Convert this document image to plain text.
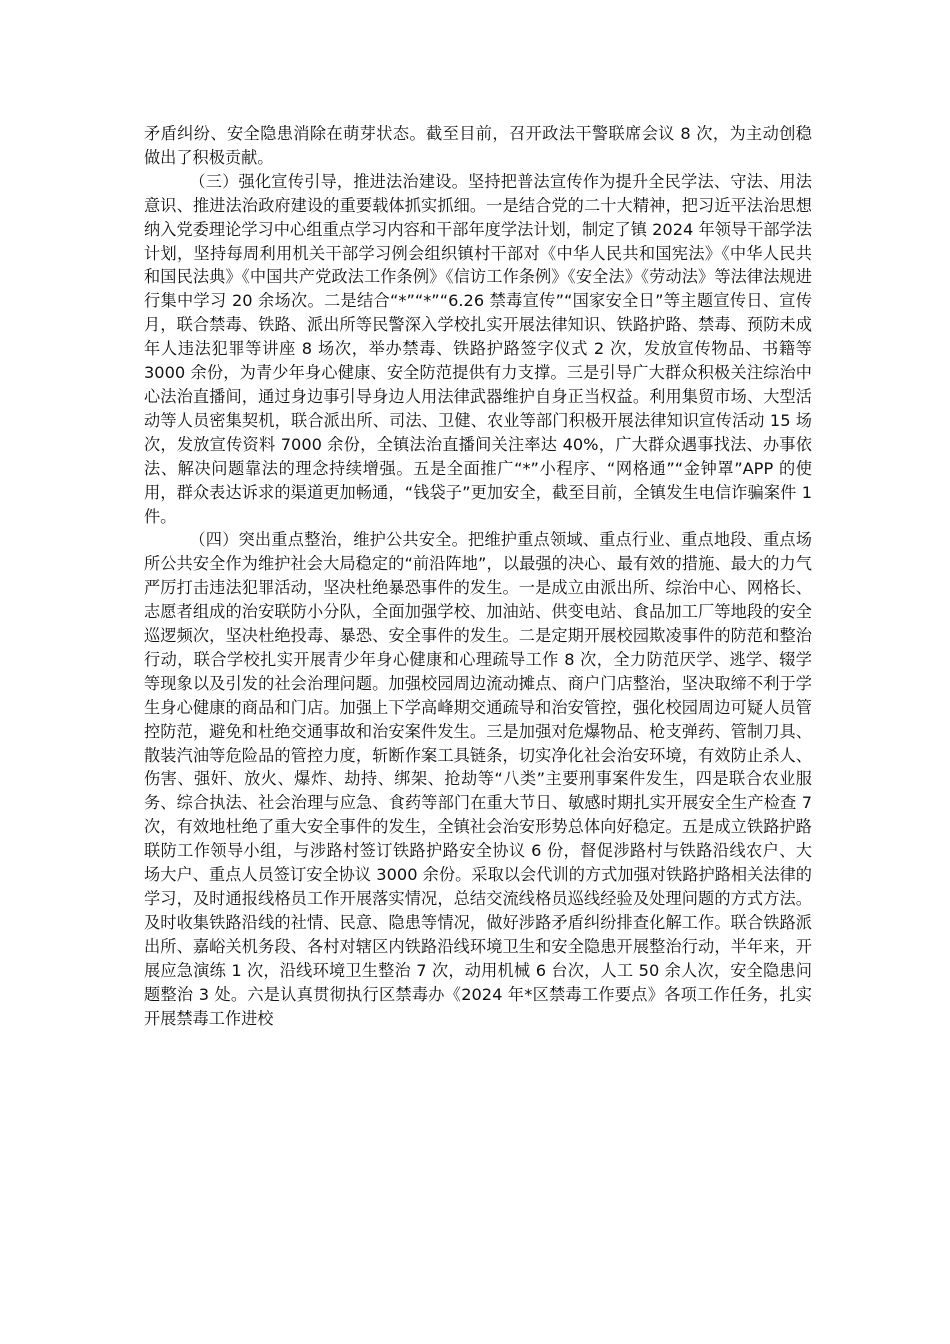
矛盾纠纷、安全隐患消除在萌芽状态。截至目前，召开政法干警联席会议 8 次，为主动创稳做出了积极贡献。

（三）强化宣传引导，推进法治建设。坚持把普法宣传作为提升全民学法、守法、用法意识、推进法治政府建设的重要载体抓实抓细。一是结合党的二十大精神，把习近平法治思想纳入党委理论学习中心组重点学习内容和干部年度学法计划，制定了镇 2024 年领导干部学法计划，坚持每周利用机关干部学习例会组织镇村干部对《中华人民共和国宪法》《中华人民共和国民法典》《中国共产党政法工作条例》《信访工作条例》《安全法》《劳动法》等法律法规进行集中学习 20 余场次。二是结合“*”“*”“6.26 禁毒宣传”“国家安全日”等主题宣传日、宣传月，联合禁毒、铁路、派出所等民警深入学校扎实开展法律知识、铁路护路、禁毒、预防未成年人违法犯罪等讲座 8 场次，举办禁毒、铁路护路签字仪式 2 次，发放宣传物品、书籍等 3000 余份，为青少年身心健康、安全防范提供有力支撑。三是引导广大群众积极关注综治中心法治直播间，通过身边事引导身边人用法律武器维护自身正当权益。利用集贸市场、大型活动等人员密集契机，联合派出所、司法、卫健、农业等部门积极开展法律知识宣传活动 15 场次，发放宣传资料 7000 余份，全镇法治直播间关注率达 40%，广大群众遇事找法、办事依法、解决问题靠法的理念持续增强。五是全面推广“*”小程序、“网格通”“金钟罩”APP 的使用，群众表达诉求的渠道更加畅通，“钱袋子”更加安全，截至目前，全镇发生电信诈骗案件 1 件。

（四）突出重点整治，维护公共安全。把维护重点领域、重点行业、重点地段、重点场所公共安全作为维护社会大局稳定的“前沿阵地”，以最强的决心、最有效的措施、最大的力气严厉打击违法犯罪活动，坚决杜绝暴恐事件的发生。一是成立由派出所、综治中心、网格长、志愿者组成的治安联防小分队，全面加强学校、加油站、供变电站、食品加工厂等地段的安全巡逻频次，坚决杜绝投毒、暴恐、安全事件的发生。二是定期开展校园欺凌事件的防范和整治行动，联合学校扎实开展青少年身心健康和心理疏导工作 8 次，全力防范厌学、逃学、辍学等现象以及引发的社会治理问题。加强校园周边流动摊点、商户门店整治，坚决取缔不利于学生身心健康的商品和门店。加强上下学高峰期交通疏导和治安管控，强化校园周边可疑人员管控防范，避免和杜绝交通事故和治安案件发生。三是加强对危爆物品、枪支弹药、管制刀具、散装汽油等危险品的管控力度，斩断作案工具链条，切实净化社会治安环境，有效防止杀人、伤害、强奸、放火、爆炸、劫持、绑架、抢劫等“八类”主要刑事案件发生，四是联合农业服务、综合执法、社会治理与应急、食药等部门在重大节日、敏感时期扎实开展安全生产检查 7 次，有效地杜绝了重大安全事件的发生，全镇社会治安形势总体向好稳定。五是成立铁路护路联防工作领导小组，与涉路村签订铁路护路安全协议 6 份，督促涉路村与铁路沿线农户、大场大户、重点人员签订安全协议 3000 余份。采取以会代训的方式加强对铁路护路相关法律的学习，及时通报线格员工作开展落实情况，总结交流线格员巡线经验及处理问题的方式方法。及时收集铁路沿线的社情、民意、隐患等情况，做好涉路矛盾纠纷排查化解工作。联合铁路派出所、嘉峪关机务段、各村对辖区内铁路沿线环境卫生和安全隐患开展整治行动，半年来，开展应急演练 1 次，沿线环境卫生整治 7 次，动用机械 6 台次，人工 50 余人次，安全隐患问题整治 3 处。六是认真贯彻执行区禁毒办《2024 年*区禁毒工作要点》各项工作任务，扎实开展禁毒工作进校
